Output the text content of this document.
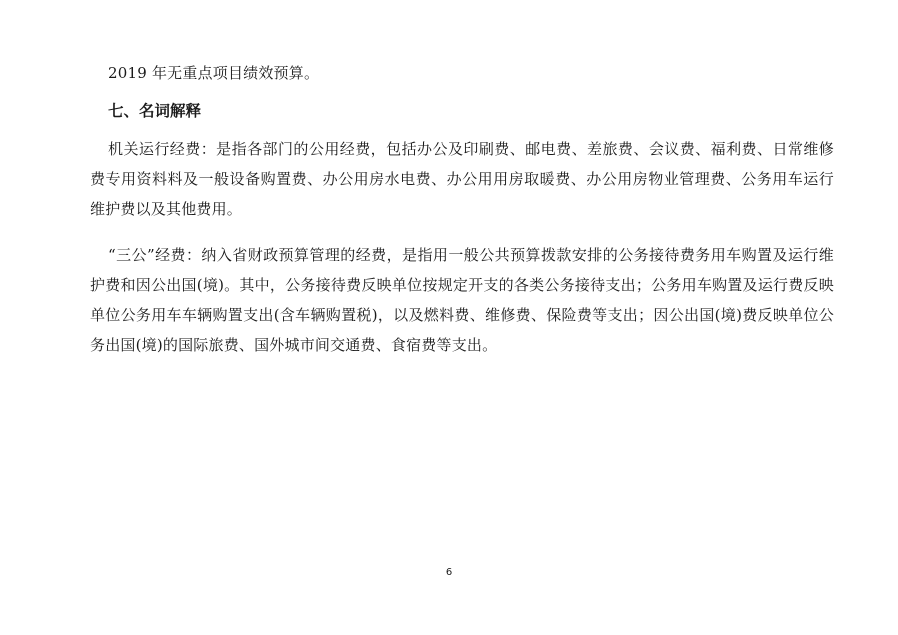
2019 年无重点项目绩效预算。

七、名词解释

机关运行经费：是指各部门的公用经费，包括办公及印刷费、邮电费、差旅费、会议费、福利费、日常维修费专用资料料及一般设备购置费、办公用房水电费、办公用用房取暖费、办公用房物业管理费、公务用车运行维护费以及其他费用。

“三公”经费：纳入省财政预算管理的经费，是指用一般公共预算拨款安排的公务接待费务用车购置及运行维护费和因公出国(境)。其中，公务接待费反映单位按规定开支的各类公务接待支出；公务用车购置及运行费反映单位公务用车车辆购置支出(含车辆购置税)，以及燃料费、维修费、保险费等支出；因公出国(境)费反映单位公务出国(境)的国际旅费、国外城市间交通费、食宿费等支出。

6
